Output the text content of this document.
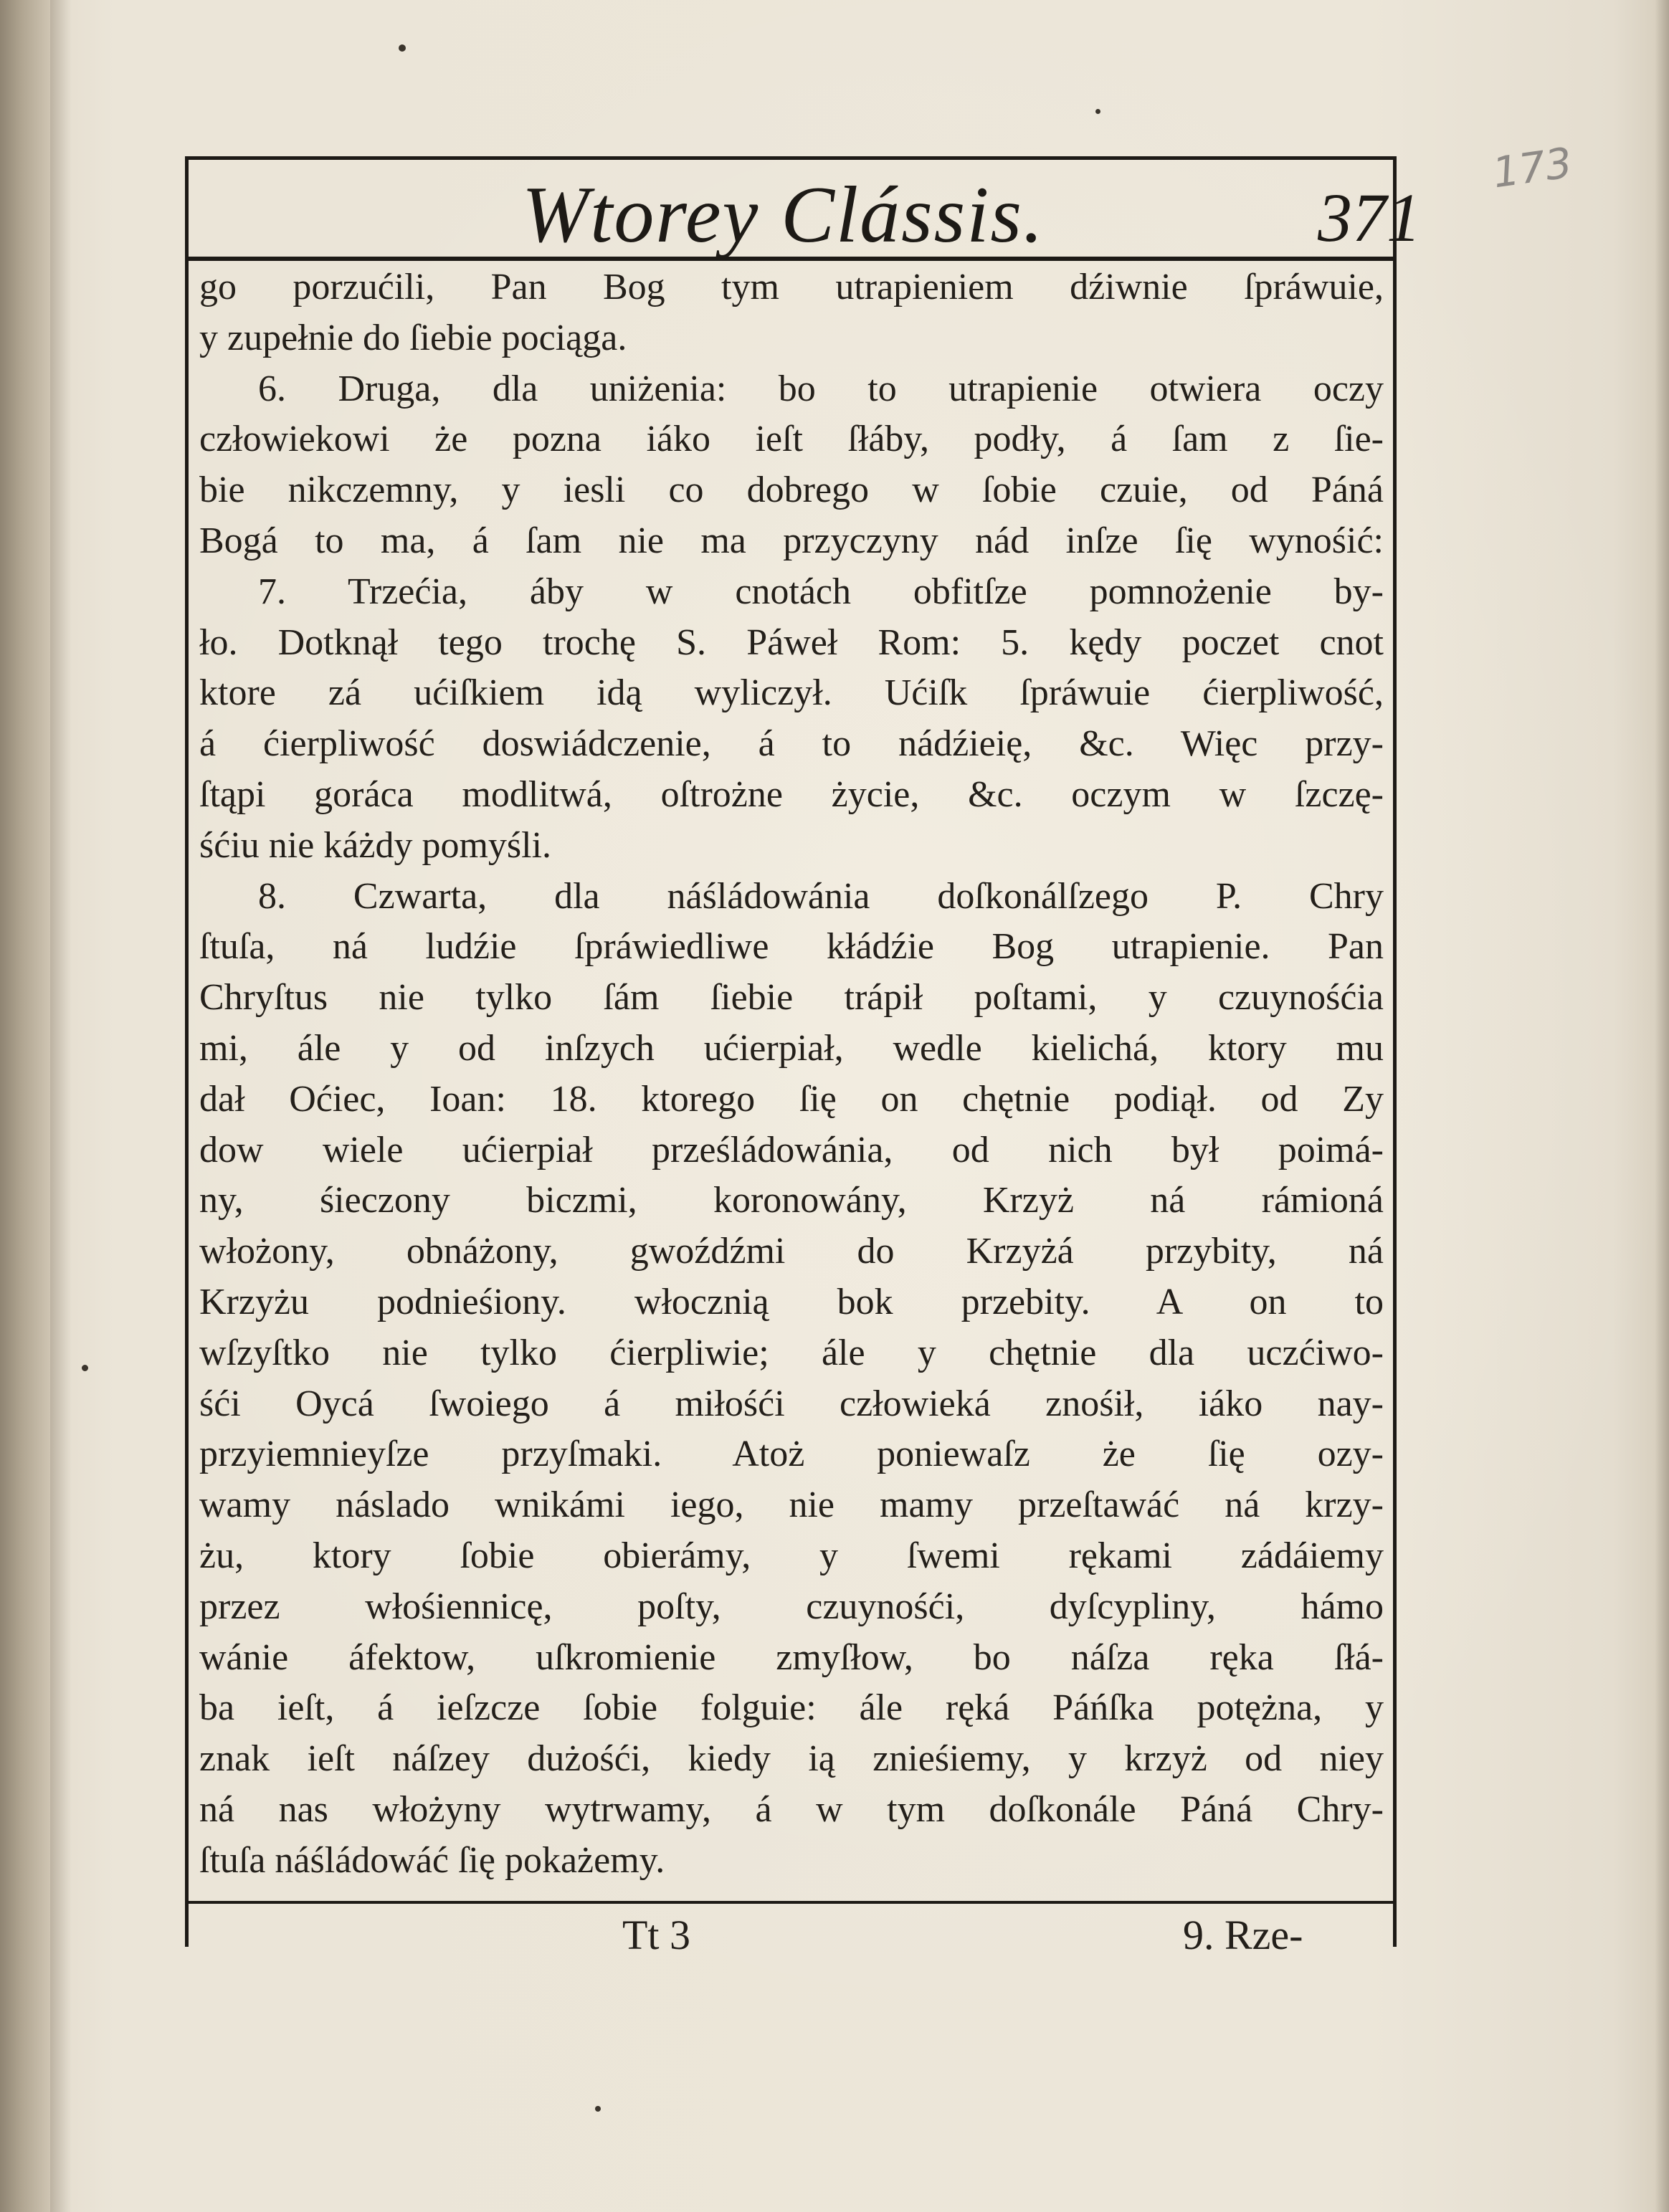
173
Wtorey Clássis.	371
go porzućili, Pan Bog tym utrapieniem dźiwnie ſpráwuie,
y zupełnie do ſiebie pociąga.
6. Druga, dla uniżenia: bo to utrapienie otwiera oczy
człowiekowi że pozna iáko ieſt ſłáby, podły, á ſam z ſie-
bie nikczemny, y iesli co dobrego w ſobie czuie, od Páná
Bogá to ma, á ſam nie ma przyczyny nád inſze ſię wynośić:
7. Trzećia, áby w cnotách obfitſze pomnożenie by-
ło. Dotknął tego trochę S. Páweł Rom: 5. kędy poczet cnot
ktore zá ućiſkiem idą wyliczył. Ućiſk ſpráwuie ćierpliwość,
á ćierpliwość doswiádczenie, á to nádźieię, &c. Więc przy-
ſtąpi goráca modlitwá, oſtrożne życie, &c. oczym w ſzczę-
śćiu nie káżdy pomyśli.
8. Czwarta, dla náśládowánia doſkonálſzego P. Chry
ſtuſa, ná ludźie ſpráwiedliwe kłádźie Bog utrapienie. Pan
Chryſtus nie tylko ſám ſiebie trápił poſtami, y czuynośćia
mi, ále y od inſzych ućierpiał, wedle kielichá, ktory mu
dał Oćiec, Ioan: 18. ktorego ſię on chętnie podiął. od Zy
dow wiele ućierpiał prześládowánia, od nich był poimá-
ny, śieczony biczmi, koronowány, Krzyż ná rámioná
włożony, obnáżony, gwoźdźmi do Krzyżá przybity, ná
Krzyżu podnieśiony. włocznią bok przebity. A on to
wſzyſtko nie tylko ćierpliwie; ále y chętnie dla uczćiwo-
śći Oycá ſwoiego á miłośći człowieká znośił, iáko nay-
przyiemnieyſze przyſmaki. Atoż poniewaſz że ſię ozy-
wamy náslado wnikámi iego, nie mamy przeſtawáć ná krzy-
żu, ktory ſobie obierámy, y ſwemi rękami zádáiemy
przez włośiennicę, poſty, czuynośći, dyſcypliny, hámo
wánie áfektow, uſkromienie zmyſłow, bo náſza ręka ſłá-
ba ieſt, á ieſzcze ſobie folguie: ále ręká Páńſka potężna, y
znak ieſt náſzey dużośći, kiedy ią znieśiemy, y krzyż od niey
ná nas włożyny wytrwamy, á w tym doſkonále Páná Chry-
ſtuſa náśládowáć ſię pokażemy.
Tt 3	9. Rze-
